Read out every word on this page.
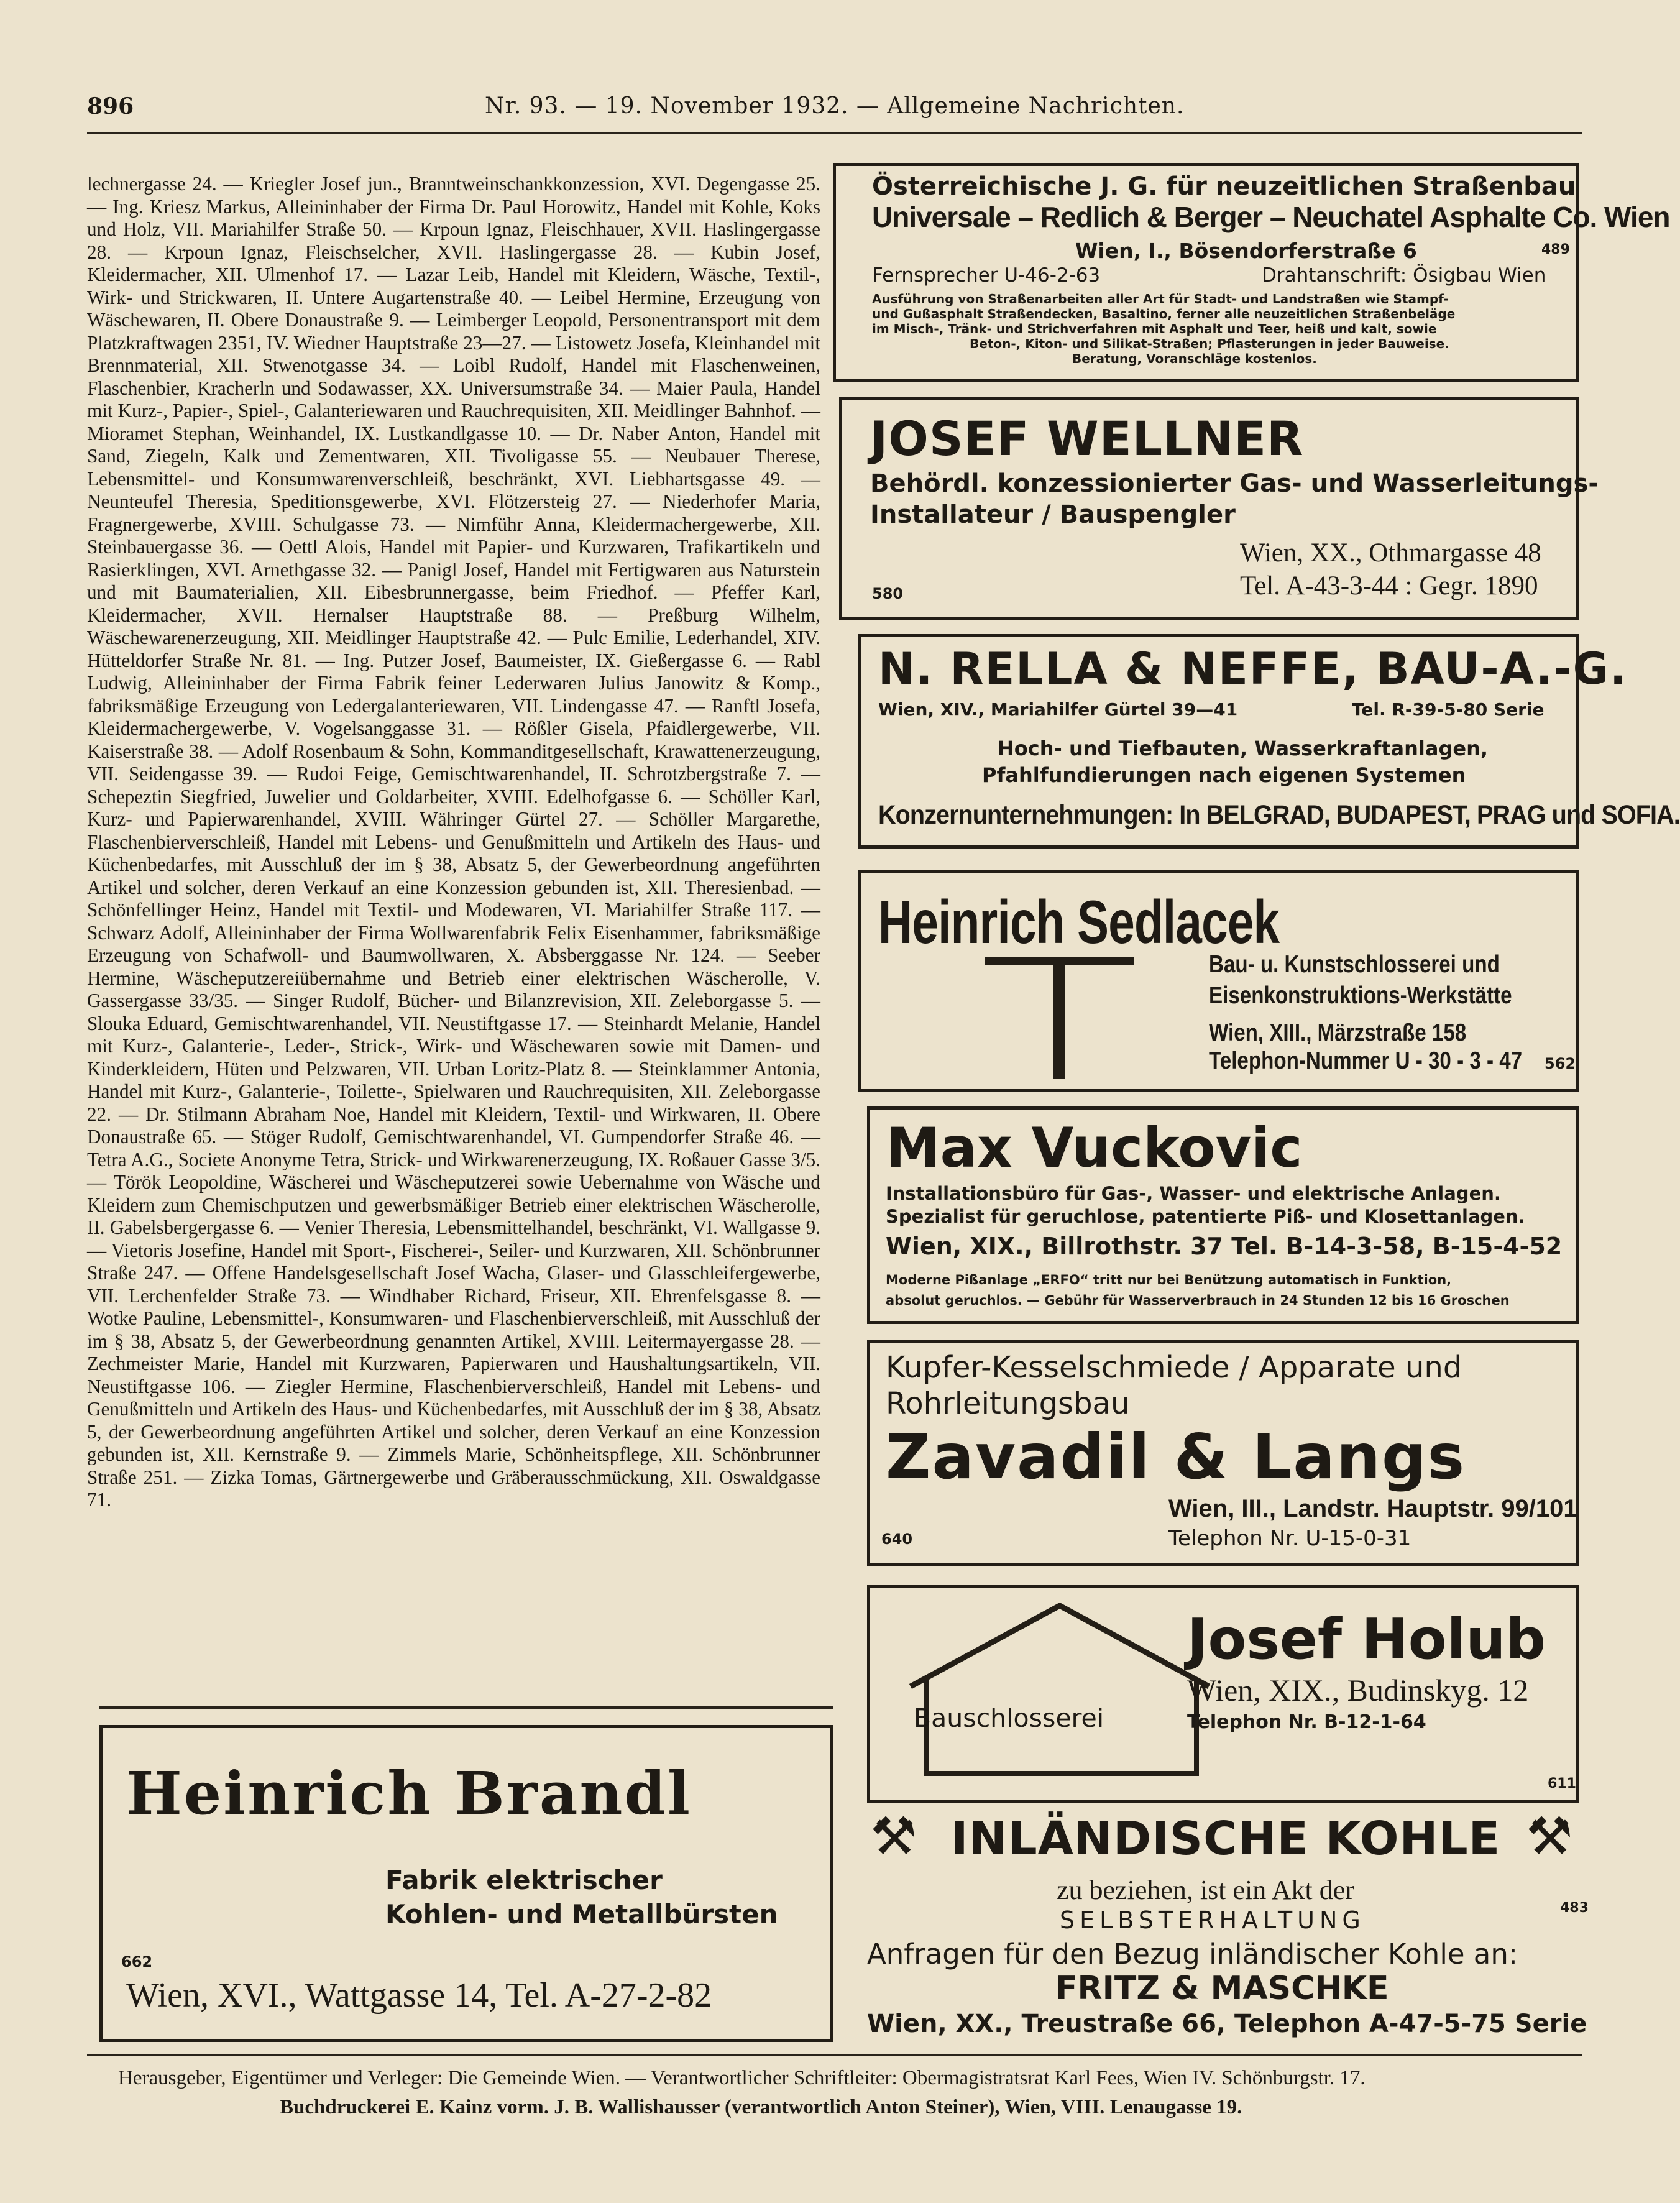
896	Nr. 93. — 19. November 1932. — Allgemeine Nachrichten.

lechnergasse 24. — Kriegler Josef jun., Branntweinschankkonzession, XVI. Degengasse 25. — Ing. Kriesz Markus, Alleininhaber der Firma Dr. Paul Horowitz, Handel mit Kohle, Koks und Holz, VII. Mariahilfer Straße 50. — Krpoun Ignaz, Fleischhauer, XVII. Haslingergasse 28. — Krpoun Ignaz, Fleischselcher, XVII. Haslingergasse 28. — Kubin Josef, Kleidermacher, XII. Ulmenhof 17. — Lazar Leib, Handel mit Kleidern, Wäsche, Textil-, Wirk- und Strickwaren, II. Untere Augartenstraße 40. — Leibel Hermine, Erzeugung von Wäschewaren, II. Obere Donaustraße 9. — Leimberger Leopold, Personentransport mit dem Platzkraftwagen 2351, IV. Wiedner Hauptstraße 23—27. — Listowetz Josefa, Kleinhandel mit Brennmaterial, XII. Stwenotgasse 34. — Loibl Rudolf, Handel mit Flaschenweinen, Flaschenbier, Kracherln und Sodawasser, XX. Universumstraße 34. — Maier Paula, Handel mit Kurz-, Papier-, Spiel-, Galanteriewaren und Rauchrequisiten, XII. Meidlinger Bahnhof. — Mioramet Stephan, Weinhandel, IX. Lustkandlgasse 10. — Dr. Naber Anton, Handel mit Sand, Ziegeln, Kalk und Zementwaren, XII. Tivoligasse 55. — Neubauer Therese, Lebensmittel- und Konsumwarenverschleiß, beschränkt, XVI. Liebhartsgasse 49. — Neunteufel Theresia, Speditionsgewerbe, XVI. Flötzersteig 27. — Niederhofer Maria, Fragnergewerbe, XVIII. Schulgasse 73. — Nimführ Anna, Kleidermachergewerbe, XII. Steinbauergasse 36. — Oettl Alois, Handel mit Papier- und Kurzwaren, Trafikartikeln und Rasierklingen, XVI. Arnethgasse 32. — Panigl Josef, Handel mit Fertigwaren aus Naturstein und mit Baumaterialien, XII. Eibesbrunnergasse, beim Friedhof. — Pfeffer Karl, Kleidermacher, XVII. Hernalser Hauptstraße 88. — Preßburg Wilhelm, Wäschewarenerzeugung, XII. Meidlinger Hauptstraße 42. — Pulc Emilie, Lederhandel, XIV. Hütteldorfer Straße Nr. 81. — Ing. Putzer Josef, Baumeister, IX. Gießergasse 6. — Rabl Ludwig, Alleininhaber der Firma Fabrik feiner Lederwaren Julius Janowitz & Komp., fabriksmäßige Erzeugung von Ledergalanteriewaren, VII. Lindengasse 47. — Ranftl Josefa, Kleidermachergewerbe, V. Vogelsanggasse 31. — Rößler Gisela, Pfaidlergewerbe, VII. Kaiserstraße 38. — Adolf Rosenbaum & Sohn, Kommanditgesellschaft, Krawattenerzeugung, VII. Seidengasse 39. — Rudoi Feige, Gemischtwarenhandel, II. Schrotzbergstraße 7. — Schepeztin Siegfried, Juwelier und Goldarbeiter, XVIII. Edelhofgasse 6. — Schöller Karl, Kurz- und Papierwarenhandel, XVIII. Währinger Gürtel 27. — Schöller Margarethe, Flaschenbierverschleiß, Handel mit Lebens- und Genußmitteln und Artikeln des Haus- und Küchenbedarfes, mit Ausschluß der im § 38, Absatz 5, der Gewerbeordnung angeführten Artikel und solcher, deren Verkauf an eine Konzession gebunden ist, XII. Theresienbad. — Schönfellinger Heinz, Handel mit Textil- und Modewaren, VI. Mariahilfer Straße 117. — Schwarz Adolf, Alleininhaber der Firma Wollwarenfabrik Felix Eisenhammer, fabriksmäßige Erzeugung von Schafwoll- und Baumwollwaren, X. Absberggasse Nr. 124. — Seeber Hermine, Wäscheputzereiübernahme und Betrieb einer elektrischen Wäscherolle, V. Gassergasse 33/35. — Singer Rudolf, Bücher- und Bilanzrevision, XII. Zeleborgasse 5. — Slouka Eduard, Gemischtwarenhandel, VII. Neustiftgasse 17. — Steinhardt Melanie, Handel mit Kurz-, Galanterie-, Leder-, Strick-, Wirk- und Wäschewaren sowie mit Damen- und Kinderkleidern, Hüten und Pelzwaren, VII. Urban Loritz-Platz 8. — Steinklammer Antonia, Handel mit Kurz-, Galanterie-, Toilette-, Spielwaren und Rauchrequisiten, XII. Zeleborgasse 22. — Dr. Stilmann Abraham Noe, Handel mit Kleidern, Textil- und Wirkwaren, II. Obere Donaustraße 65. — Stöger Rudolf, Gemischtwarenhandel, VI. Gumpendorfer Straße 46. — Tetra A.G., Societe Anonyme Tetra, Strick- und Wirkwarenerzeugung, IX. Roßauer Gasse 3/5. — Török Leopoldine, Wäscherei und Wäscheputzerei sowie Uebernahme von Wäsche und Kleidern zum Chemischputzen und gewerbsmäßiger Betrieb einer elektrischen Wäscherolle, II. Gabelsbergergasse 6. — Venier Theresia, Lebensmittelhandel, beschränkt, VI. Wallgasse 9. — Vietoris Josefine, Handel mit Sport-, Fischerei-, Seiler- und Kurzwaren, XII. Schönbrunner Straße 247. — Offene Handelsgesellschaft Josef Wacha, Glaser- und Glasschleifergewerbe, VII. Lerchenfelder Straße 73. — Windhaber Richard, Friseur, XII. Ehrenfelsgasse 8. — Wotke Pauline, Lebensmittel-, Konsumwaren- und Flaschenbierverschleiß, mit Ausschluß der im § 38, Absatz 5, der Gewerbeordnung genannten Artikel, XVIII. Leitermayergasse 28. — Zechmeister Marie, Handel mit Kurzwaren, Papierwaren und Haushaltungsartikeln, VII. Neustiftgasse 106. — Ziegler Hermine, Flaschenbierverschleiß, Handel mit Lebens- und Genußmitteln und Artikeln des Haus- und Küchenbedarfes, mit Ausschluß der im § 38, Absatz 5, der Gewerbeordnung angeführten Artikel und solcher, deren Verkauf an eine Konzession gebunden ist, XII. Kernstraße 9. — Zimmels Marie, Schönheitspflege, XII. Schönbrunner Straße 251. — Zizka Tomas, Gärtnergewerbe und Gräberausschmückung, XII. Oswaldgasse 71.

Österreichische J. G. für neuzeitlichen Straßenbau
Universale – Redlich & Berger – Neuchatel Asphalte Co. Wien
Wien, I., Bösendorferstraße 6	489
Fernsprecher U-46-2-63	Drahtanschrift: Ösigbau Wien
Ausführung von Straßenarbeiten aller Art für Stadt- und Landstraßen wie Stampf-
und Gußasphalt Straßendecken, Basaltino, ferner alle neuzeitlichen Straßenbeläge
im Misch-, Tränk- und Strichverfahren mit Asphalt und Teer, heiß und kalt, sowie
Beton-, Kiton- und Silikat-Straßen; Pflasterungen in jeder Bauweise.
Beratung, Voranschläge kostenlos.
JOSEF WELLNER
Behördl. konzessionierter Gas- und Wasserleitungs-
Installateur / Bauspengler
Wien, XX., Othmargasse 48
Tel. A-43-3-44 : Gegr. 1890
580
N. RELLA & NEFFE, BAU-A.-G.
Wien, XIV., Mariahilfer Gürtel 39—41	Tel. R-39-5-80 Serie
Hoch- und Tiefbauten, Wasserkraftanlagen,
Pfahlfundierungen nach eigenen Systemen
Konzernunternehmungen: In BELGRAD, BUDAPEST, PRAG und SOFIA.
Heinrich Sedlacek
Bau- u. Kunstschlosserei und
Eisenkonstruktions-Werkstätte
Wien, XIII., Märzstraße 158
Telephon-Nummer U - 30 - 3 - 47 562
Max Vuckovic
Installationsbüro für Gas-, Wasser- und elektrische Anlagen.
Spezialist für geruchlose, patentierte Piß- und Klosettanlagen.
Wien, XIX., Billrothstr. 37 Tel. B-14-3-58, B-15-4-52
Moderne Pißanlage „ERFO“ tritt nur bei Benützung automatisch in Funktion,
absolut geruchlos. — Gebühr für Wasserverbrauch in 24 Stunden 12 bis 16 Groschen
Kupfer-Kesselschmiede / Apparate und
Rohrleitungsbau
Zavadil & Langs
Wien, III., Landstr. Hauptstr. 99/101
Telephon Nr. U-15-0-31
640
Bauschlosserei
Josef Holub
Wien, XIX., Budinskyg. 12
Telephon Nr. B-12-1-64
611
Heinrich Brandl
Fabrik elektrischer
Kohlen- und Metallbürsten
662
Wien, XVI., Wattgasse 14, Tel. A-27-2-82
⚒	⚒
INLÄNDISCHE KOHLE
zu beziehen, ist ein Akt der
SELBSTERHALTUNG	483
Anfragen für den Bezug inländischer Kohle an:
FRITZ & MASCHKE
Wien, XX., Treustraße 66, Telephon A-47-5-75 Serie
Herausgeber, Eigentümer und Verleger: Die Gemeinde Wien. — Verantwortlicher Schriftleiter: Obermagistratsrat Karl Fees, Wien IV. Schönburgstr. 17.
Buchdruckerei E. Kainz vorm. J. B. Wallishausser (verantwortlich Anton Steiner), Wien, VIII. Lenaugasse 19.
